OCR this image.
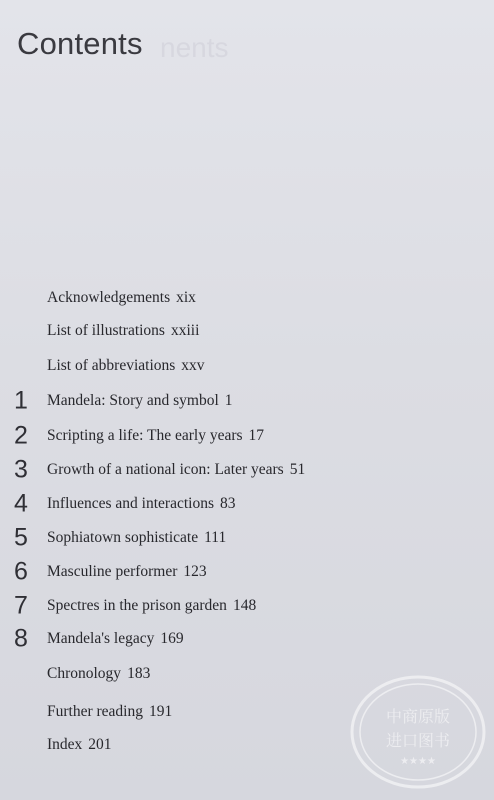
Contents nents
Acknowledgements xix
List of illustrations xxiii
List of abbreviations xxv
1 Mandela: Story and symbol 1
2 Scripting a life: The early years 17
3 Growth of a national icon: Later years 51
4 Influences and interactions 83
5 Sophiatown sophisticate 111
6 Masculine performer 123
7 Spectres in the prison garden 148
8 Mandela's legacy 169
Chronology 183
Further reading 191
Index 201
中商原版
进口图书
★★★★
